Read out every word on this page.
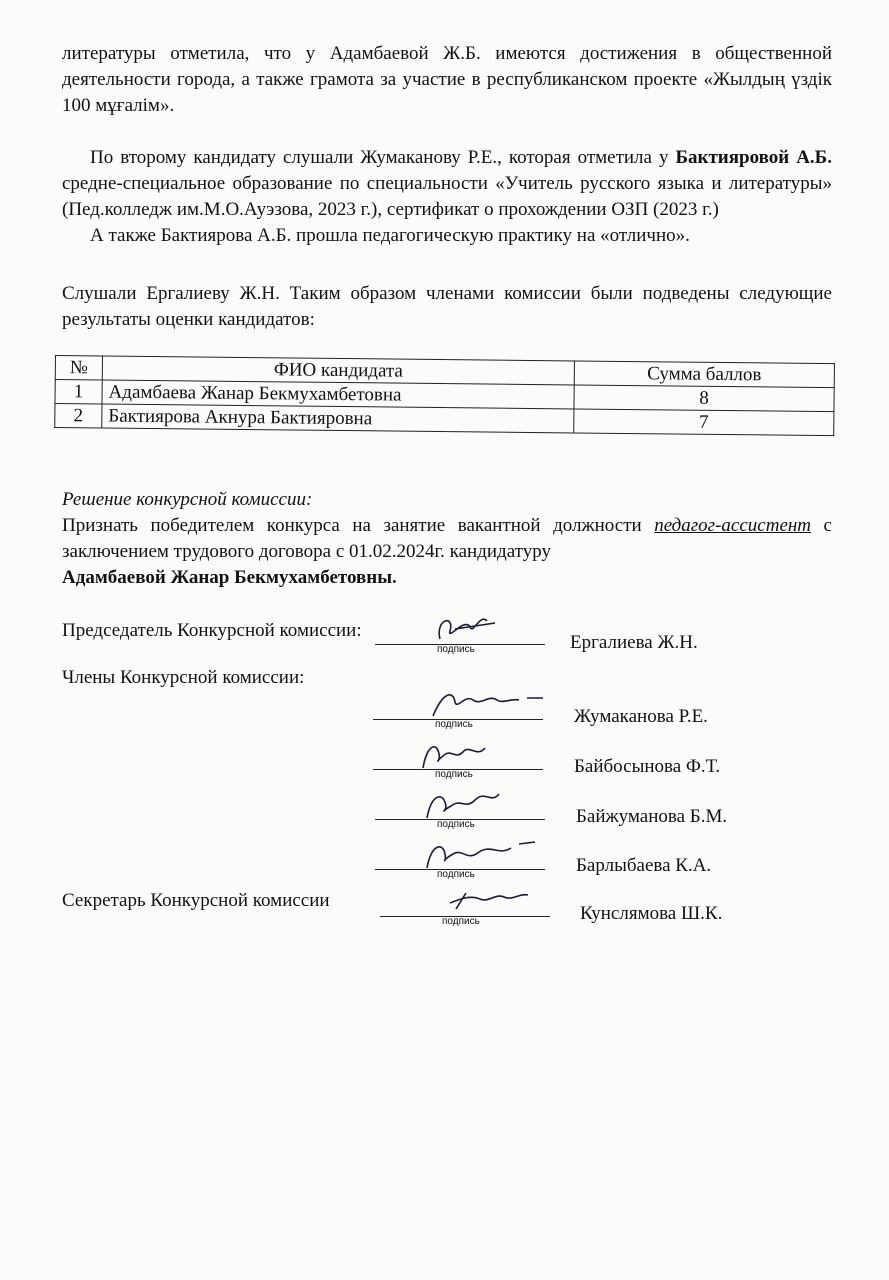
литературы отметила, что у Адамбаевой Ж.Б. имеются достижения в общественной деятельности города, а также грамота за участие в республиканском проекте «Жылдың үздік 100 мұғалім».

По второму кандидату слушали Жумаканову Р.Е., которая отметила у Бактияровой А.Б. средне-специальное образование по специальности «Учитель русского языка и литературы» (Пед.колледж им.М.О.Ауэзова, 2023 г.), сертификат о прохождении ОЗП (2023 г.)

А также Бактиярова А.Б. прошла педагогическую практику на «отлично».

Слушали Ергалиеву Ж.Н. Таким образом членами комиссии были подведены следующие результаты оценки кандидатов:

№	ФИО кандидата	Сумма баллов
1	Адамбаева Жанар Бекмухамбетовна	8
2	Бактиярова Акнура Бактияровна	7

Решение конкурсной комиссии:

Признать победителем конкурса на занятие вакантной должности педагог-ассистент с заключением трудового договора с 01.02.2024г. кандидатуру

Адамбаевой Жанар Бекмухамбетовны.

Председатель Конкурсной комиссии:
подпись	Ергалиева Ж.Н.
Члены Конкурсной комиссии:
подпись	Жумаканова Р.Е.
подпись	Байбосынова Ф.Т.
подпись	Байжуманова Б.М.
подпись	Барлыбаева К.А.
Секретарь Конкурсной комиссии
подпись	Кунслямова Ш.К.
